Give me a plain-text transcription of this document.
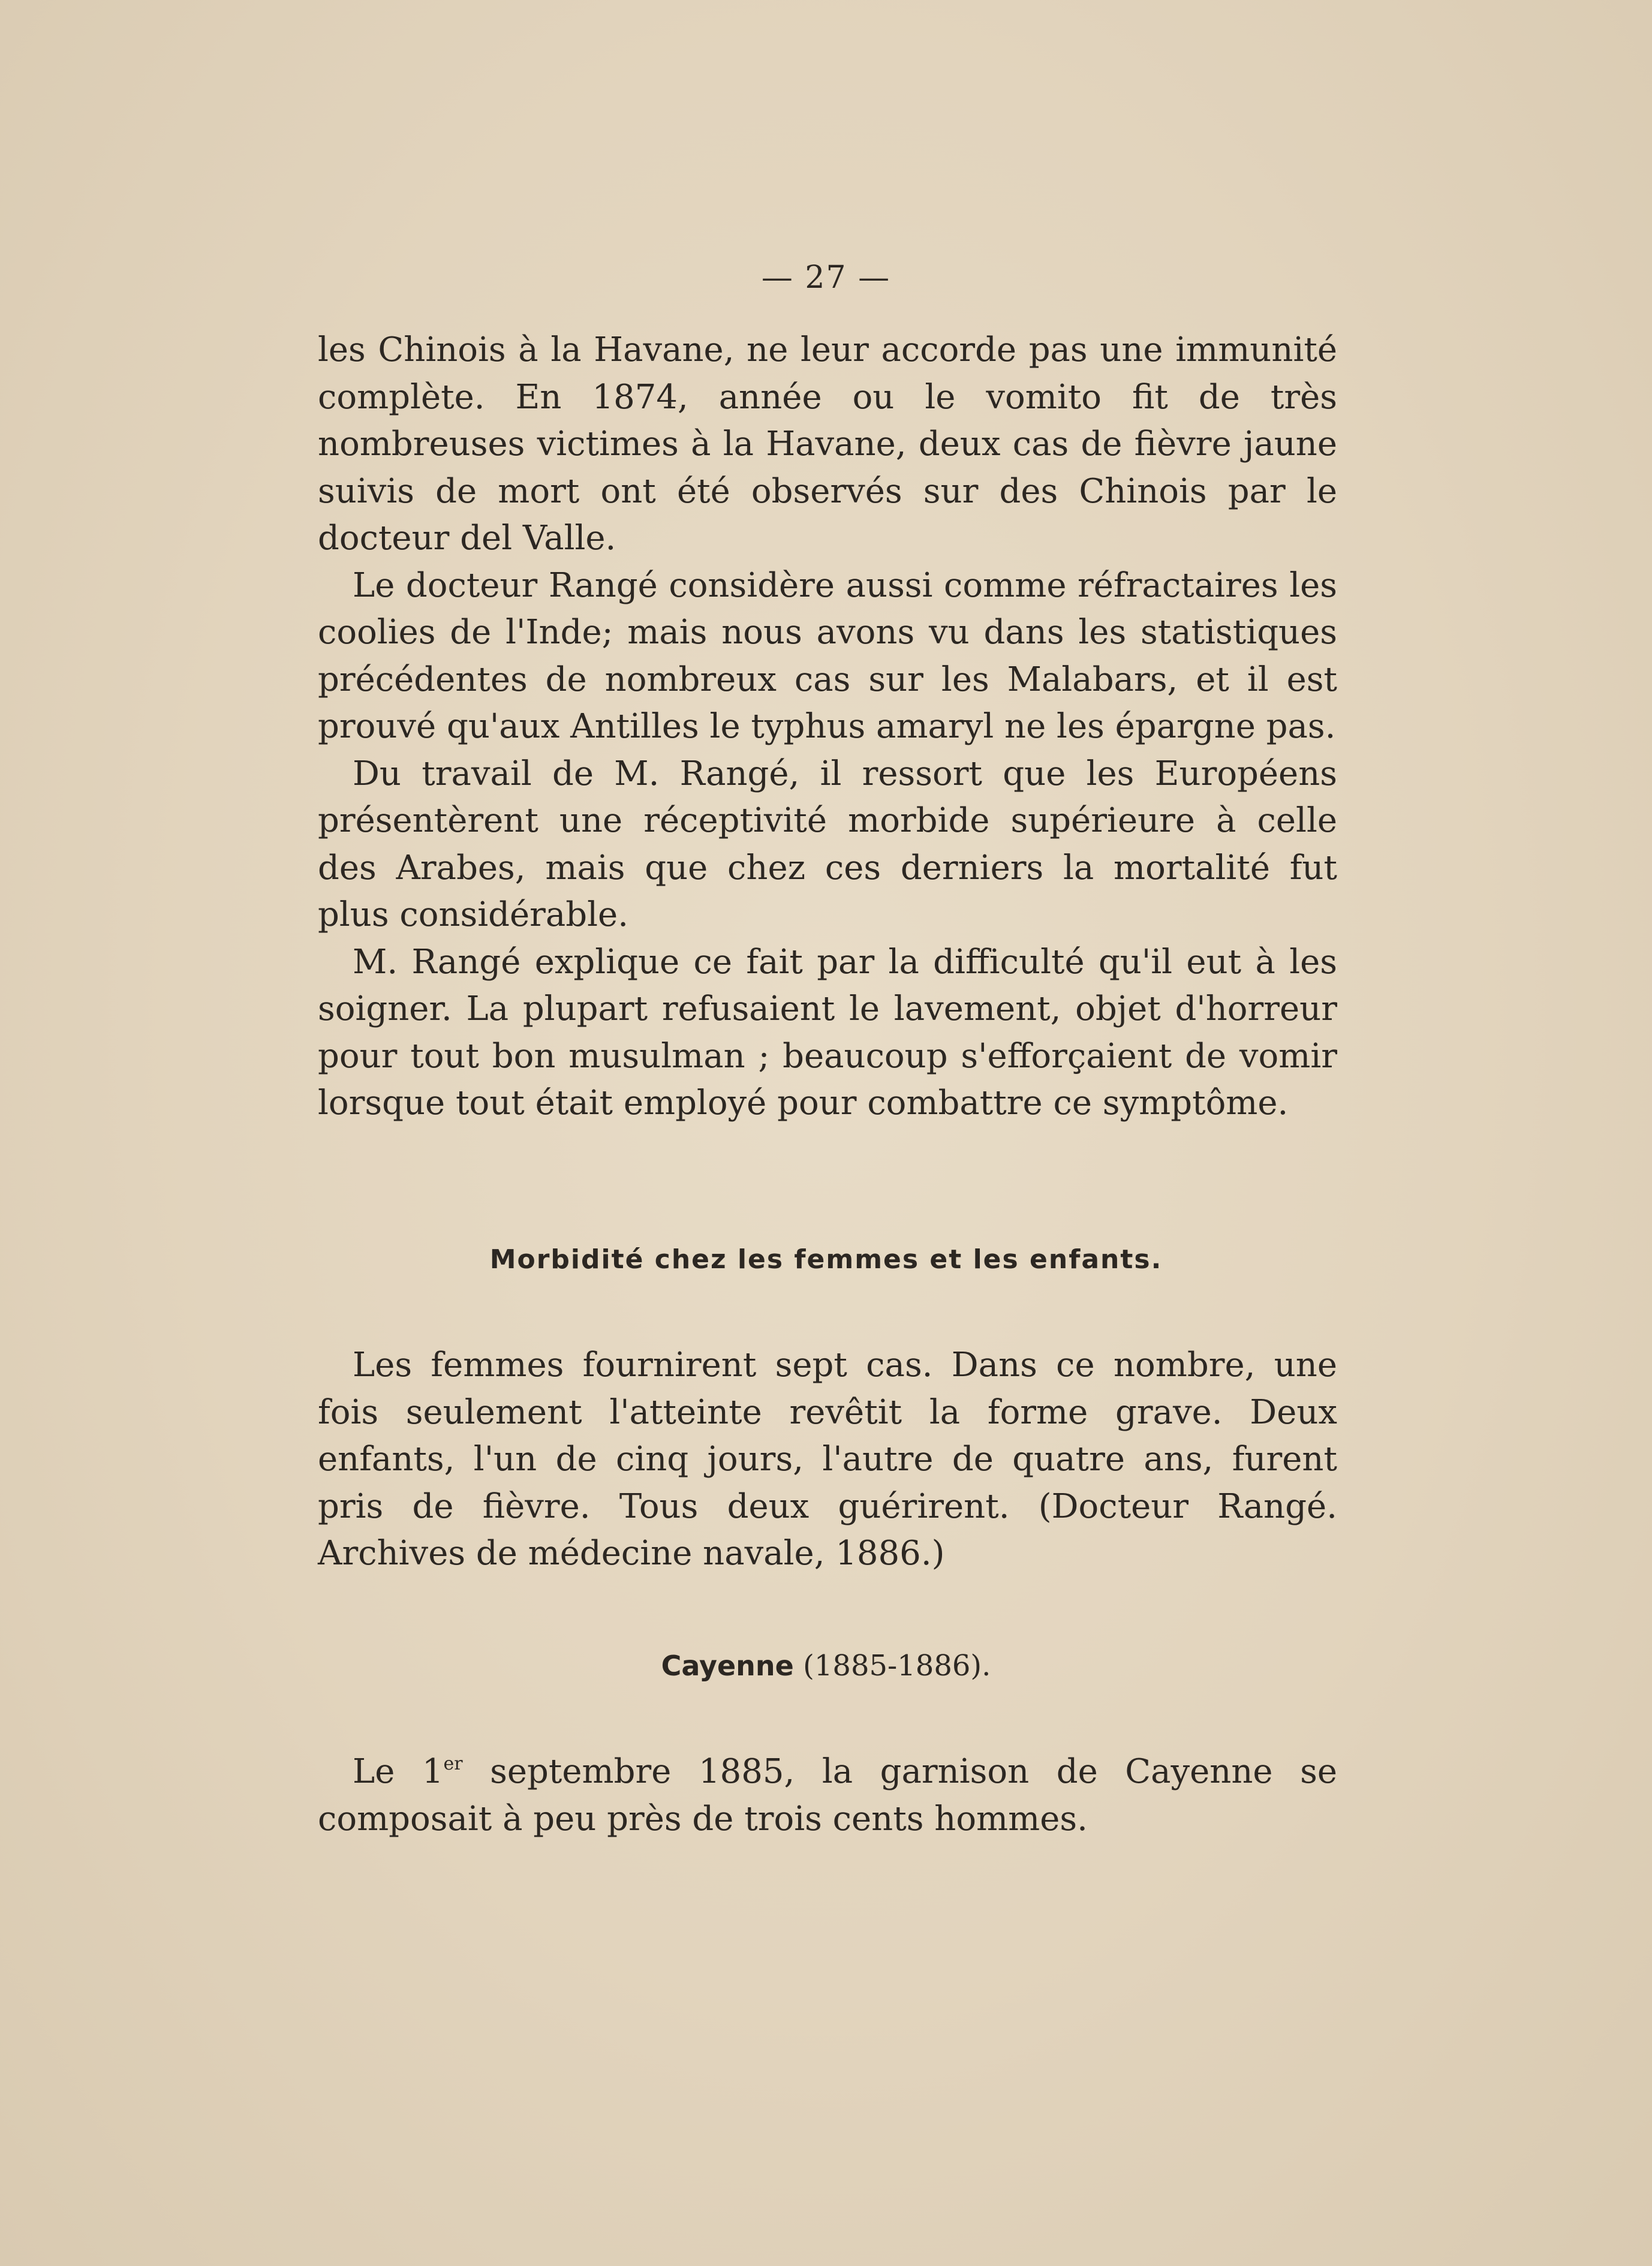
— 27 —

les Chinois à la Havane, ne leur accorde pas une immunité complète. En 1874, année ou le vomito fit de très nombreuses victimes à la Havane, deux cas de fièvre jaune suivis de mort ont été observés sur des Chinois par le docteur del Valle.

Le docteur Rangé considère aussi comme réfractaires les coolies de l'Inde; mais nous avons vu dans les statistiques précédentes de nombreux cas sur les Malabars, et il est prouvé qu'aux Antilles le typhus amaryl ne les épargne pas.

Du travail de M. Rangé, il ressort que les Européens présentèrent une réceptivité morbide supérieure à celle des Arabes, mais que chez ces derniers la mortalité fut plus considérable.

M. Rangé explique ce fait par la difficulté qu'il eut à les soigner. La plupart refusaient le lavement, objet d'horreur pour tout bon musulman ; beaucoup s'efforçaient de vomir lorsque tout était employé pour combattre ce symptôme.

Morbidité chez les femmes et les enfants.

Les femmes fournirent sept cas. Dans ce nombre, une fois seulement l'atteinte revêtit la forme grave. Deux enfants, l'un de cinq jours, l'autre de quatre ans, furent pris de fièvre. Tous deux guérirent. (Docteur Rangé. Archives de médecine navale, 1886.)

Cayenne (1885-1886).

Le 1er septembre 1885, la garnison de Cayenne se composait à peu près de trois cents hommes.
